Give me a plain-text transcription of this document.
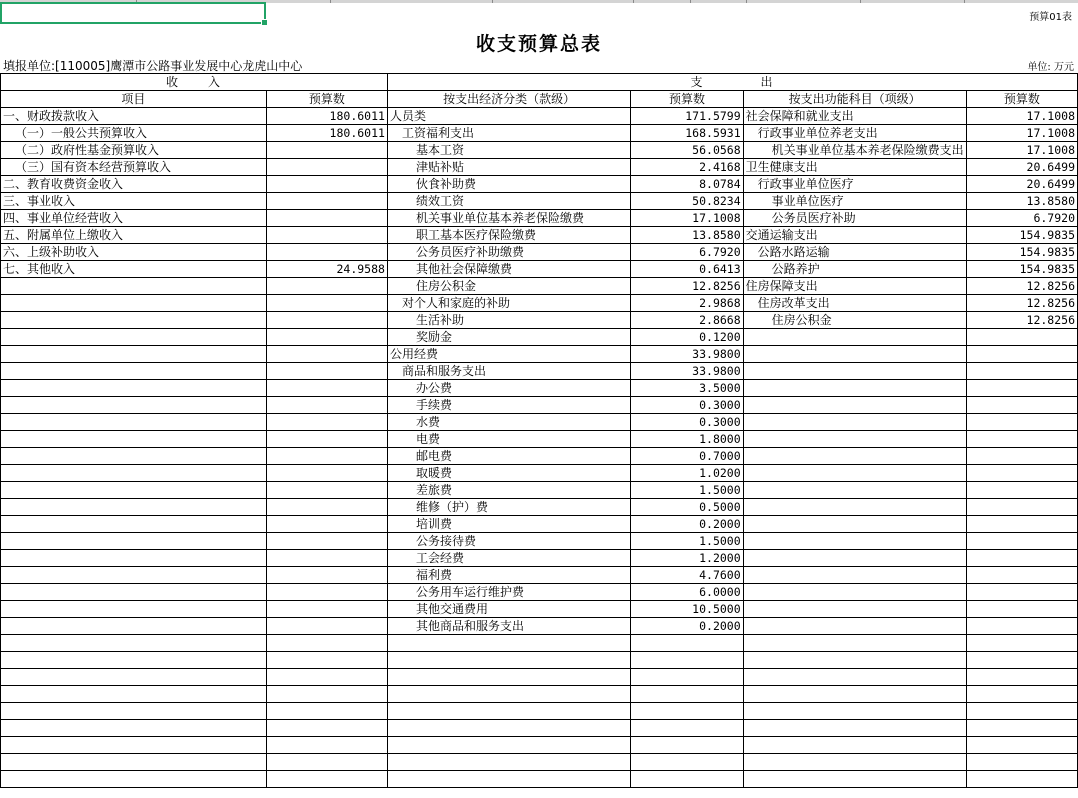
预算01表
收支预算总表
填报单位:[110005]鹰潭市公路事业发展中心龙虎山中心	单位: 万元
收　　入		支　　　　出			
项目	预算数	按支出经济分类（款级）	预算数	按支出功能科目（项级）	预算数
一、财政拨款收入	180.6011	人员类	171.5799	社会保障和就业支出	17.1008
（一）一般公共预算收入	180.6011	工资福利支出	168.5931	行政事业单位养老支出	17.1008
（二）政府性基金预算收入		基本工资	56.0568	机关事业单位基本养老保险缴费支出	17.1008
（三）国有资本经营预算收入		津贴补贴	2.4168	卫生健康支出	20.6499
二、教育收费资金收入		伙食补助费	8.0784	行政事业单位医疗	20.6499
三、事业收入		绩效工资	50.8234	事业单位医疗	13.8580
四、事业单位经营收入		机关事业单位基本养老保险缴费	17.1008	公务员医疗补助	6.7920
五、附属单位上缴收入		职工基本医疗保险缴费	13.8580	交通运输支出	154.9835
六、上级补助收入		公务员医疗补助缴费	6.7920	公路水路运输	154.9835
七、其他收入	24.9588	其他社会保障缴费	0.6413	公路养护	154.9835
		住房公积金	12.8256	住房保障支出	12.8256
		对个人和家庭的补助	2.9868	住房改革支出	12.8256
		生活补助	2.8668	住房公积金	12.8256
		奖励金	0.1200		
		公用经费	33.9800		
		商品和服务支出	33.9800		
		办公费	3.5000		
		手续费	0.3000		
		水费	0.3000		
		电费	1.8000		
		邮电费	0.7000		
		取暖费	1.0200		
		差旅费	1.5000		
		维修（护）费	0.5000		
		培训费	0.2000		
		公务接待费	1.5000		
		工会经费	1.2000		
		福利费	4.7600		
		公务用车运行维护费	6.0000		
		其他交通费用	10.5000		
		其他商品和服务支出	0.2000		
